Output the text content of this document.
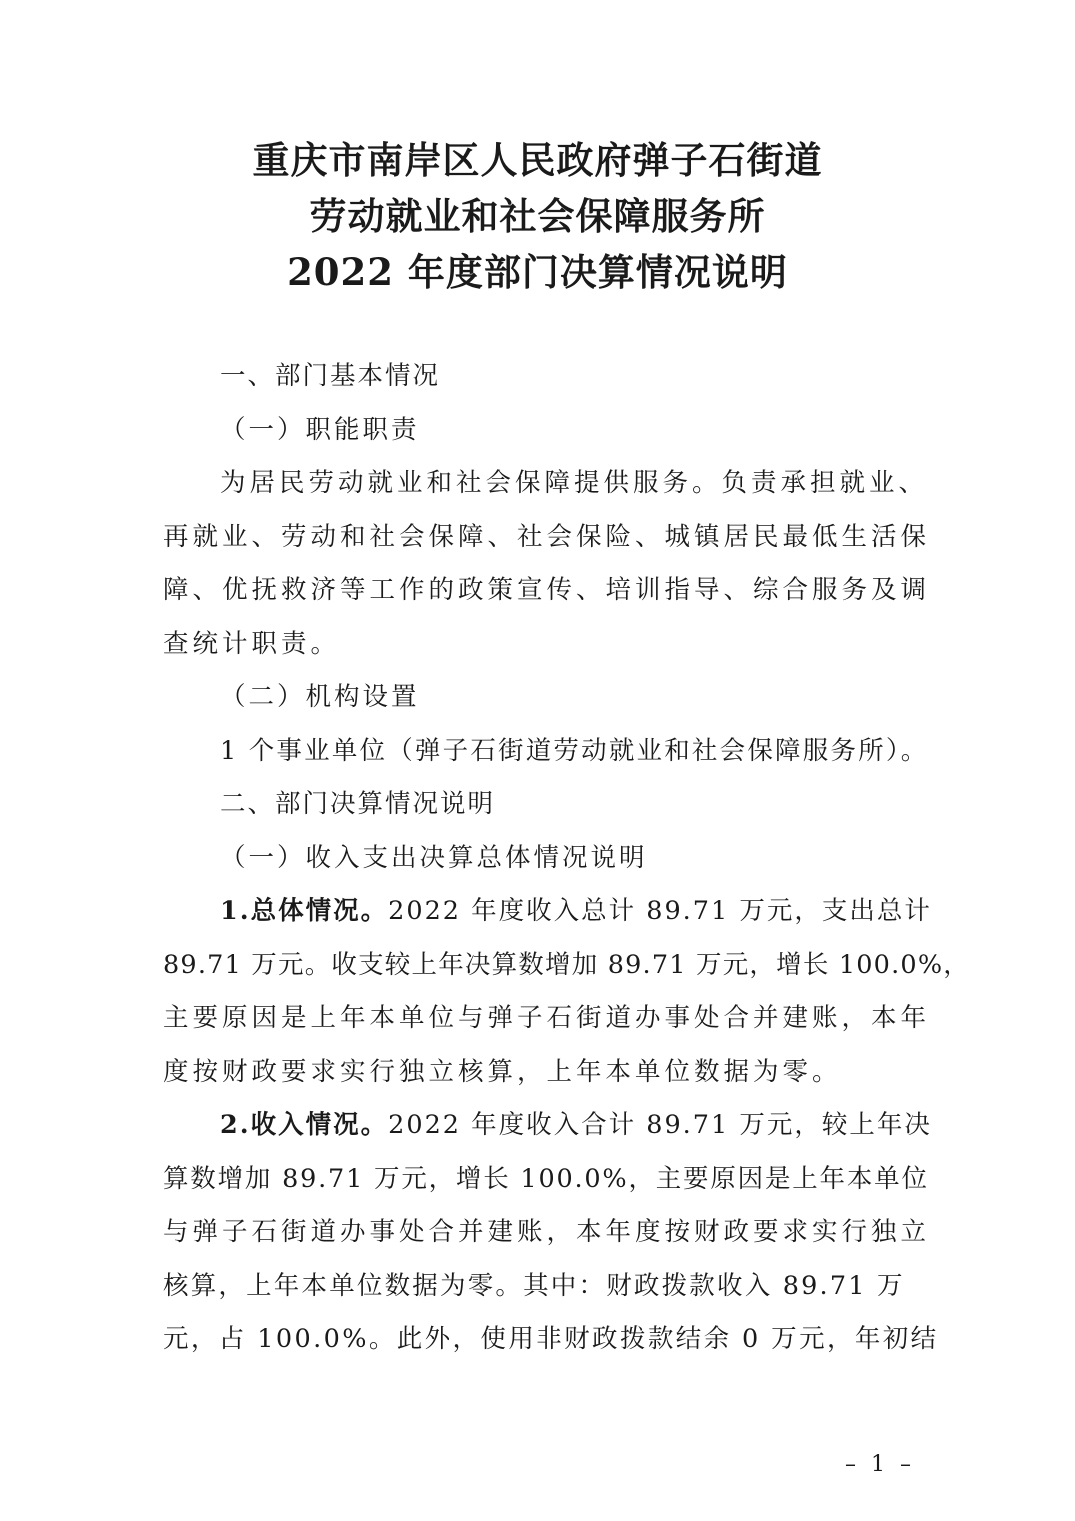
重庆市南岸区人民政府弹子石街道
劳动就业和社会保障服务所
2022 年度部门决算情况说明
一、部门基本情况
（一）职能职责
为居民劳动就业和社会保障提供服务。负责承担就业、
再就业、劳动和社会保障、社会保险、城镇居民最低生活保
障、优抚救济等工作的政策宣传、培训指导、综合服务及调
查统计职责。
（二）机构设置
1 个事业单位（弹子石街道劳动就业和社会保障服务所）。
二、部门决算情况说明
（一）收入支出决算总体情况说明
1.总体情况。2022 年度收入总计 89.71 万元，支出总计
89.71 万元。收支较上年决算数增加 89.71 万元，增长 100.0%，
主要原因是上年本单位与弹子石街道办事处合并建账，本年
度按财政要求实行独立核算，上年本单位数据为零。
2.收入情况。2022 年度收入合计 89.71 万元，较上年决
算数增加 89.71 万元，增长 100.0%，主要原因是上年本单位
与弹子石街道办事处合并建账，本年度按财政要求实行独立
核算，上年本单位数据为零。其中：财政拨款收入 89.71 万
元，占 100.0%。此外，使用非财政拨款结余 0 万元，年初结
– 1 –
